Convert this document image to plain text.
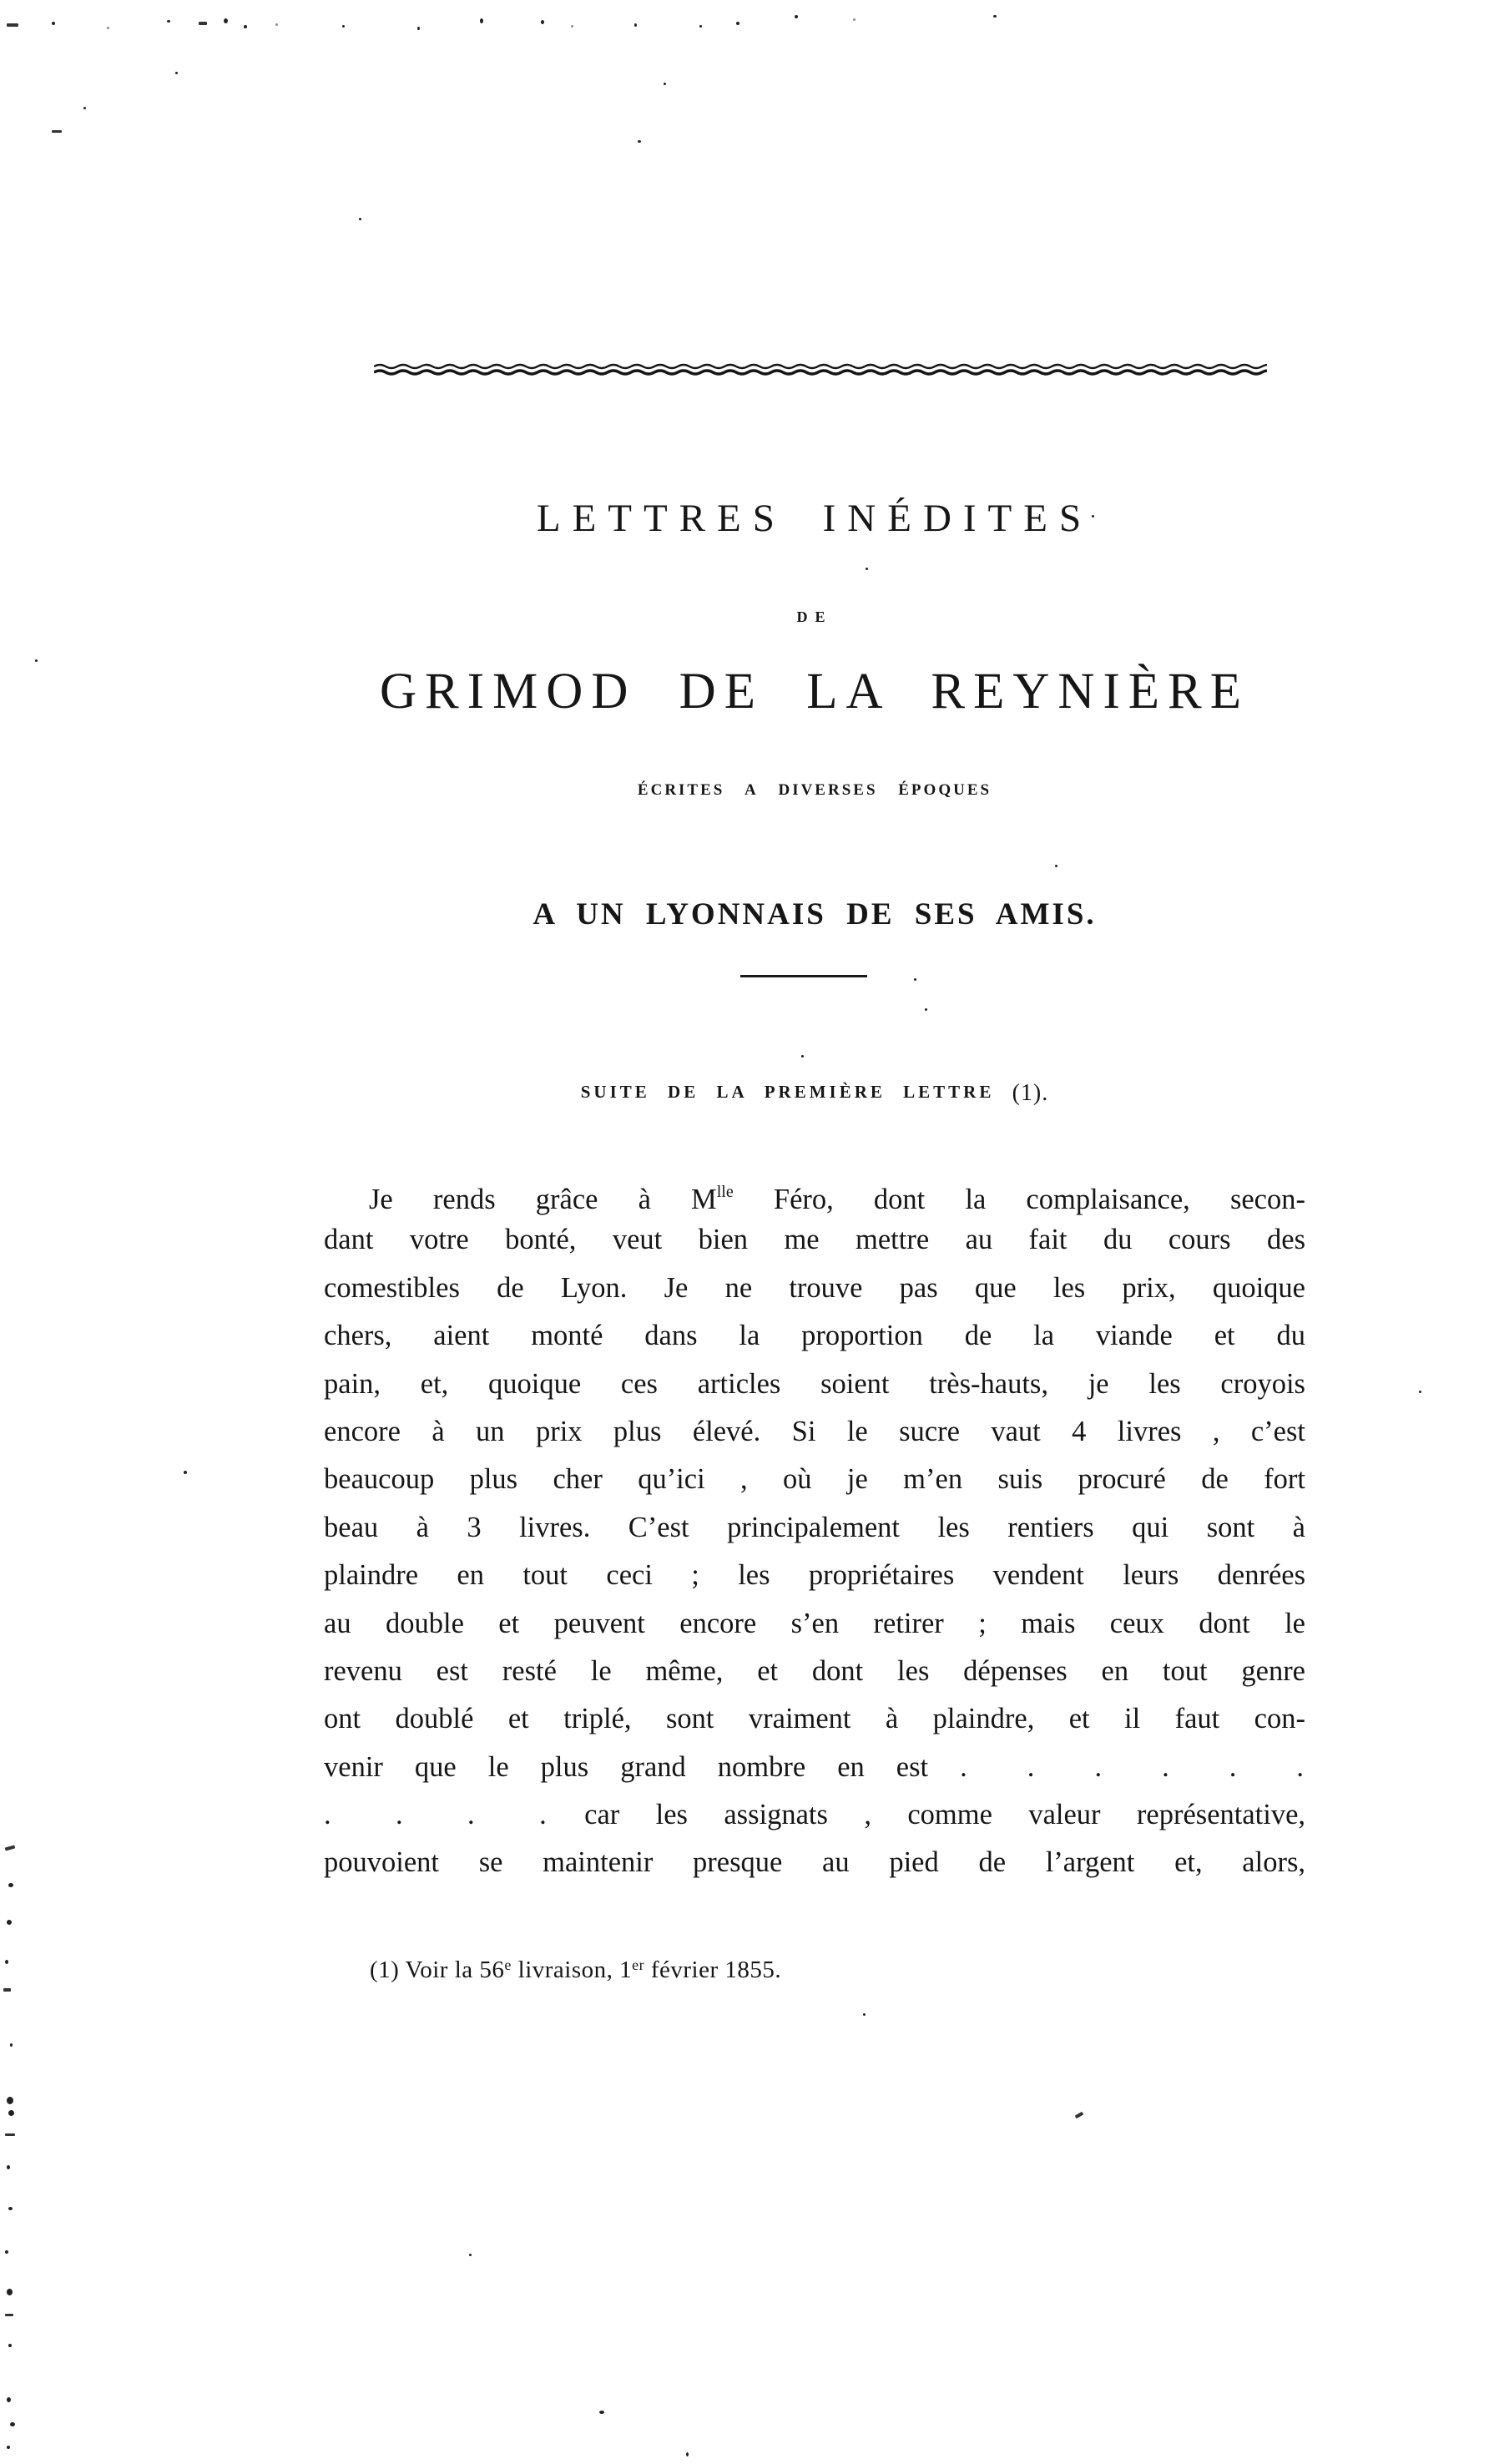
LETTRES INÉDITES
DE
GRIMOD DE LA REYNIÈRE
ÉCRITES A DIVERSES ÉPOQUES
A UN LYONNAIS DE SES AMIS.
SUITE DE LA PREMIÈRE LETTRE (1).
Je rends grâce à $M^{lle}$ Féro, dont la complaisance, secon-
dant votre bonté, veut bien me mettre au fait du cours des
comestibles de Lyon. Je ne trouve pas que les prix, quoique
chers, aient monté dans la proportion de la viande et du
pain, et, quoique ces articles soient très-hauts, je les croyois
encore à un prix plus élevé. Si le sucre vaut 4 livres , c’est
beaucoup plus cher qu’ici , où je m’en suis procuré de fort
beau à 3 livres. C’est principalement les rentiers qui sont à
plaindre en tout ceci ; les propriétaires vendent leurs denrées
au double et peuvent encore s’en retirer ; mais ceux dont le
revenu est resté le même, et dont les dépenses en tout genre
ont doublé et triplé, sont vraiment à plaindre, et il faut con-
venir que le plus grand nombre en est . . . . . .
. . . . car les assignats , comme valeur représentative,
pouvoient se maintenir presque au pied de l’argent et, alors,
(1) Voir la 56e livraison, 1er février 1855.
